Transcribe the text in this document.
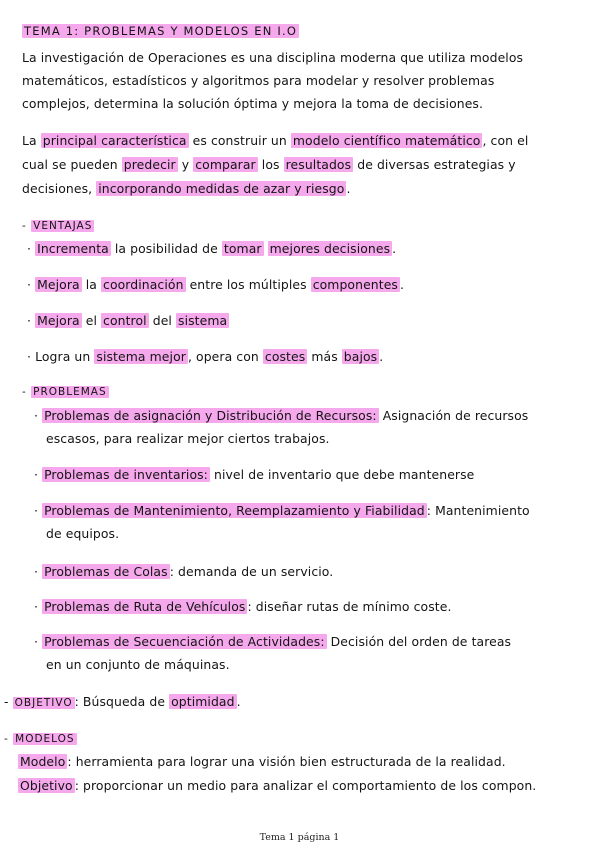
TEMA 1: PROBLEMAS Y MODELOS EN I.O
La investigación de Operaciones es una disciplina moderna que utiliza modelos
matemáticos, estadísticos y algoritmos para modelar y resolver problemas
complejos, determina la solución óptima y mejora la toma de decisiones.
La principal característica es construir un modelo científico matemático , con el
cual se pueden predecir y comparar los resultados de diversas estrategias y
decisiones, incorporando medidas de azar y riesgo .
- VENTAJAS
· Incrementa la posibilidad de tomar mejores decisiones .
· Mejora la coordinación entre los múltiples componentes .
· Mejora el control del sistema
· Logra un sistema mejor , opera con costes más bajos .
- PROBLEMAS
· Problemas de asignación y Distribución de Recursos: Asignación de recursos
escasos, para realizar mejor ciertos trabajos.
· Problemas de inventarios: nivel de inventario que debe mantenerse
· Problemas de Mantenimiento, Reemplazamiento y Fiabilidad : Mantenimiento
de equipos.
· Problemas de Colas : demanda de un servicio.
· Problemas de Ruta de Vehículos : diseñar rutas de mínimo coste.
· Problemas de Secuenciación de Actividades: Decisión del orden de tareas
en un conjunto de máquinas.
- OBJETIVO : Búsqueda de optimidad .
- MODELOS
Modelo : herramienta para lograr una visión bien estructurada de la realidad.
Objetivo : proporcionar un medio para analizar el comportamiento de los compon.
Tema 1 página 1
